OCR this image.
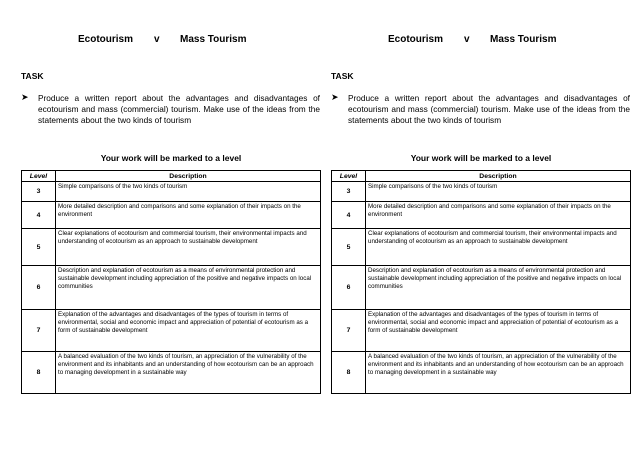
Ecotourism v Mass Tourism
TASK
➤ Produce a written report about the advantages and disadvantages of ecotourism and mass (commercial) tourism. Make use of the ideas from the statements about the two kinds of tourism
Your work will be marked to a level
Level	Description
3	Simple comparisons of the two kinds of tourism
4	More detailed description and comparisons and some explanation of their impacts on the environment
5	Clear explanations of ecotourism and commercial tourism, their environmental impacts and understanding of ecotourism as an approach to sustainable development
6	Description and explanation of ecotourism as a means of environmental protection and sustainable development including appreciation of the positive and negative impacts on local communities
7	Explanation of the advantages and disadvantages of the types of tourism in terms of environmental, social and economic impact and appreciation of potential of ecotourism as a form of sustainable development
8	A balanced evaluation of the two kinds of tourism, an appreciation of the vulnerability of the environment and its inhabitants and an understanding of how ecotourism can be an approach to managing development in a sustainable way
Ecotourism v Mass Tourism
TASK
➤ Produce a written report about the advantages and disadvantages of ecotourism and mass (commercial) tourism. Make use of the ideas from the statements about the two kinds of tourism
Your work will be marked to a level
Level	Description
3	Simple comparisons of the two kinds of tourism
4	More detailed description and comparisons and some explanation of their impacts on the environment
5	Clear explanations of ecotourism and commercial tourism, their environmental impacts and understanding of ecotourism as an approach to sustainable development
6	Description and explanation of ecotourism as a means of environmental protection and sustainable development including appreciation of the positive and negative impacts on local communities
7	Explanation of the advantages and disadvantages of the types of tourism in terms of environmental, social and economic impact and appreciation of potential of ecotourism as a form of sustainable development
8	A balanced evaluation of the two kinds of tourism, an appreciation of the vulnerability of the environment and its inhabitants and an understanding of how ecotourism can be an approach to managing development in a sustainable way
